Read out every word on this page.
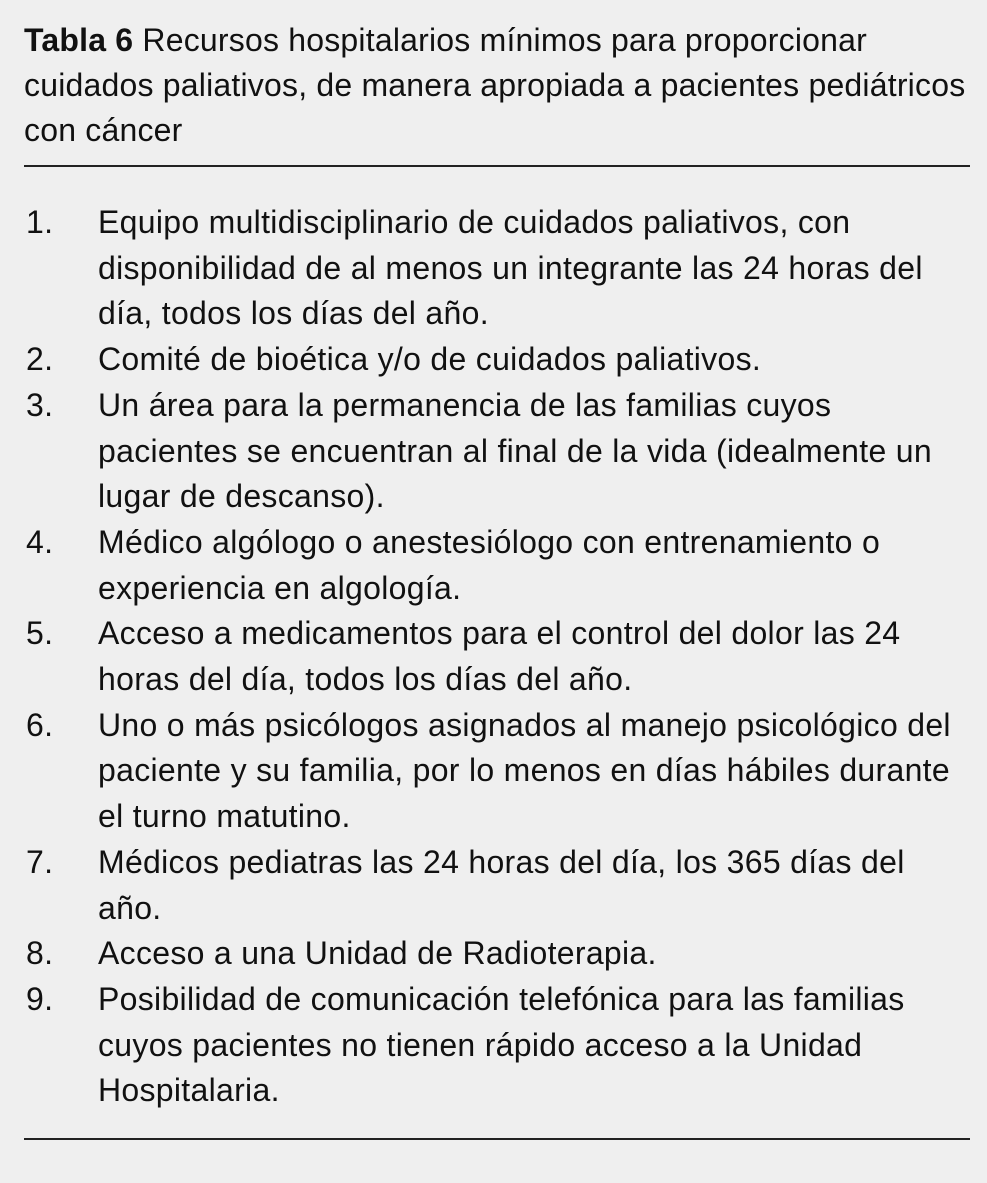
Tabla 6 Recursos hospitalarios mínimos para proporcionar cuidados paliativos, de manera apropiada a pacientes pediátricos con cáncer

1.	Equipo multidisciplinario de cuidados paliativos, con disponibilidad de al menos un integrante las 24 horas del día, todos los días del año.
2.	Comité de bioética y/o de cuidados paliativos.
3.	Un área para la permanencia de las familias cuyos pacientes se encuentran al final de la vida (idealmente un lugar de descanso).
4.	Médico algólogo o anestesiólogo con entrenamiento o experiencia en algología.
5.	Acceso a medicamentos para el control del dolor las 24 horas del día, todos los días del año.
6.	Uno o más psicólogos asignados al manejo psicológico del paciente y su familia, por lo menos en días hábiles durante el turno matutino.
7.	Médicos pediatras las 24 horas del día, los 365 días del año.
8.	Acceso a una Unidad de Radioterapia.
9.	Posibilidad de comunicación telefónica para las familias cuyos pacientes no tienen rápido acceso a la Unidad Hospitalaria.
